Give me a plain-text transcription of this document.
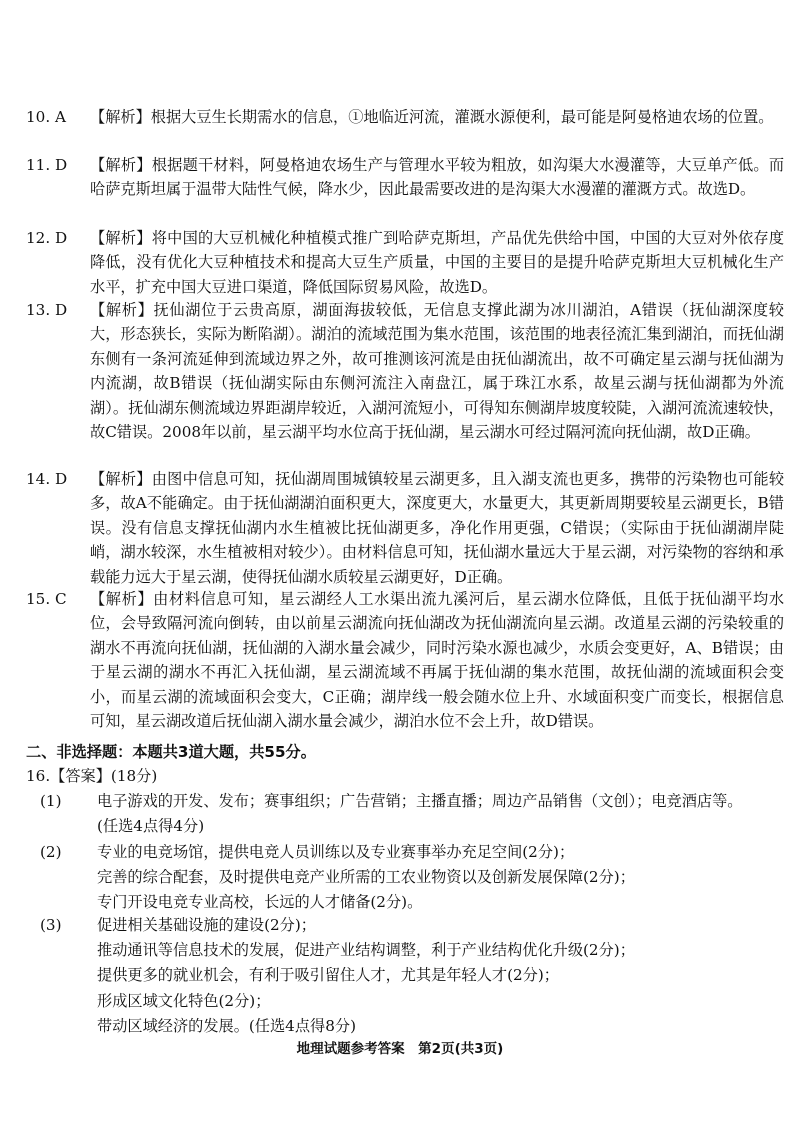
10. A	【解析】根据大豆生长期需水的信息，①地临近河流，灌溉水源便利，最可能是阿曼格迪农场的位置。
11. D	【解析】根据题干材料，阿曼格迪农场生产与管理水平较为粗放，如沟渠大水漫灌等，大豆单产低。而哈萨克斯坦属于温带大陆性气候，降水少，因此最需要改进的是沟渠大水漫灌的灌溉方式。故选D。
12. D	【解析】将中国的大豆机械化种植模式推广到哈萨克斯坦，产品优先供给中国，中国的大豆对外依存度降低，没有优化大豆种植技术和提高大豆生产质量，中国的主要目的是提升哈萨克斯坦大豆机械化生产水平，扩充中国大豆进口渠道，降低国际贸易风险，故选D。
13. D	【解析】抚仙湖位于云贵高原，湖面海拔较低，无信息支撑此湖为冰川湖泊，A错误（抚仙湖深度较大，形态狭长，实际为断陷湖）。湖泊的流域范围为集水范围，该范围的地表径流汇集到湖泊，而抚仙湖东侧有一条河流延伸到流域边界之外，故可推测该河流是由抚仙湖流出，故不可确定星云湖与抚仙湖为内流湖，故B错误（抚仙湖实际由东侧河流注入南盘江，属于珠江水系，故星云湖与抚仙湖都为外流湖）。抚仙湖东侧流域边界距湖岸较近，入湖河流短小，可得知东侧湖岸坡度较陡，入湖河流流速较快，故C错误。2008年以前，星云湖平均水位高于抚仙湖，星云湖水可经过隔河流向抚仙湖，故D正确。
14. D	【解析】由图中信息可知，抚仙湖周围城镇较星云湖更多，且入湖支流也更多，携带的污染物也可能较多，故A不能确定。由于抚仙湖湖泊面积更大，深度更大，水量更大，其更新周期要较星云湖更长，B错误。没有信息支撑抚仙湖内水生植被比抚仙湖更多，净化作用更强，C错误；（实际由于抚仙湖湖岸陡峭，湖水较深，水生植被相对较少）。由材料信息可知，抚仙湖水量远大于星云湖，对污染物的容纳和承载能力远大于星云湖，使得抚仙湖水质较星云湖更好，D正确。
15. C	【解析】由材料信息可知，星云湖经人工水渠出流九溪河后，星云湖水位降低，且低于抚仙湖平均水位，会导致隔河流向倒转，由以前星云湖流向抚仙湖改为抚仙湖流向星云湖。改道星云湖的污染较重的湖水不再流向抚仙湖，抚仙湖的入湖水量会减少，同时污染水源也减少，水质会变更好，A、B错误；由于星云湖的湖水不再汇入抚仙湖，星云湖流域不再属于抚仙湖的集水范围，故抚仙湖的流域面积会变小，而星云湖的流域面积会变大，C正确；湖岸线一般会随水位上升、水域面积变广而变长，根据信息可知，星云湖改道后抚仙湖入湖水量会减少，湖泊水位不会上升，故D错误。
二、非选择题：本题共3道大题，共55分。
16.【答案】(18分)
(1) 电子游戏的开发、发布；赛事组织；广告营销；主播直播；周边产品销售（文创）；电竞酒店等。
(任选4点得4分)
(2) 专业的电竞场馆，提供电竞人员训练以及专业赛事举办充足空间(2分)；
完善的综合配套，及时提供电竞产业所需的工农业物资以及创新发展保障(2分)；
专门开设电竞专业高校，长远的人才储备(2分)。
(3) 促进相关基础设施的建设(2分)；
推动通讯等信息技术的发展，促进产业结构调整，利于产业结构优化升级(2分)；
提供更多的就业机会，有利于吸引留住人才，尤其是年轻人才(2分)；
形成区域文化特色(2分)；
带动区域经济的发展。(任选4点得8分)
地理试题参考答案　第2页(共3页)
